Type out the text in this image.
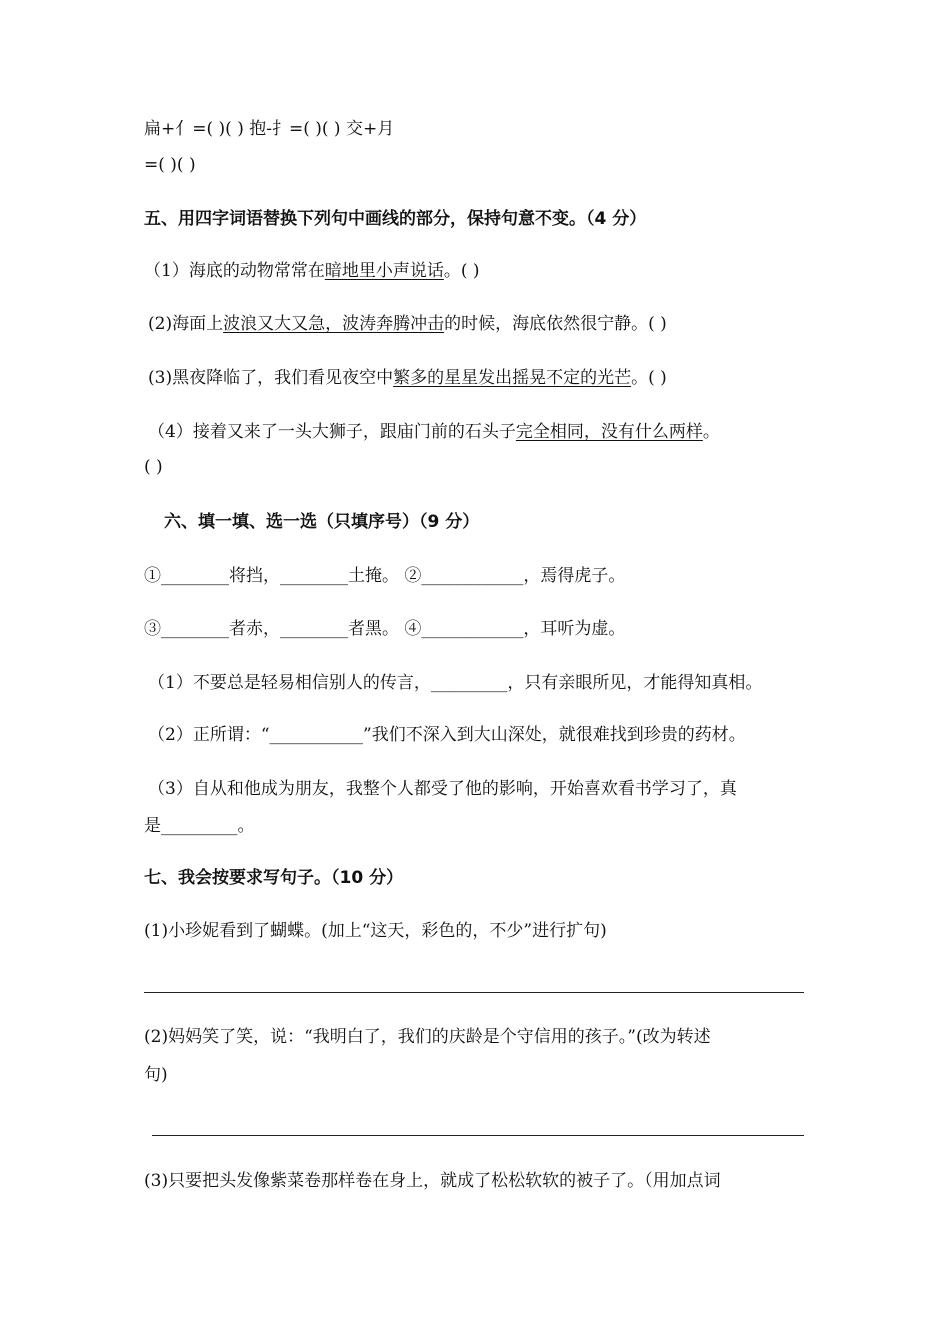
扁+亻=( )( ) 抱-扌=( )( ) 交+月
=( )( )
五、用四字词语替换下列句中画线的部分，保持句意不变。（4 分）
（1）海底的动物常常在暗地里小声说话。( )
(2)海面上波浪又大又急，波涛奔腾冲击的时候，海底依然很宁静。( )
(3)黑夜降临了，我们看见夜空中繁多的星星发出摇晃不定的光芒。( )
（4）接着又来了一头大狮子，跟庙门前的石头子完全相同，没有什么两样。
( )
六、填一填、选一选（只填序号）（9 分）
①________将挡，________土掩。 ②____________，焉得虎子。
③________者赤，________者黑。 ④____________，耳听为虚。
（1）不要总是轻易相信别人的传言，_________，只有亲眼所见，才能得知真相。
（2）正所谓：“___________”我们不深入到大山深处，就很难找到珍贵的药材。
（3）自从和他成为朋友，我整个人都受了他的影响，开始喜欢看书学习了，真
是_________。
七、我会按要求写句子。（10 分）
(1)小珍妮看到了蝴蝶。(加上“这天，彩色的，不少”进行扩句)
(2)妈妈笑了笑，说：“我明白了，我们的庆龄是个守信用的孩子。”(改为转述
句)
(3)只要把头发像紫菜卷那样卷在身上，就成了松松软软的被子了。（用加点词
